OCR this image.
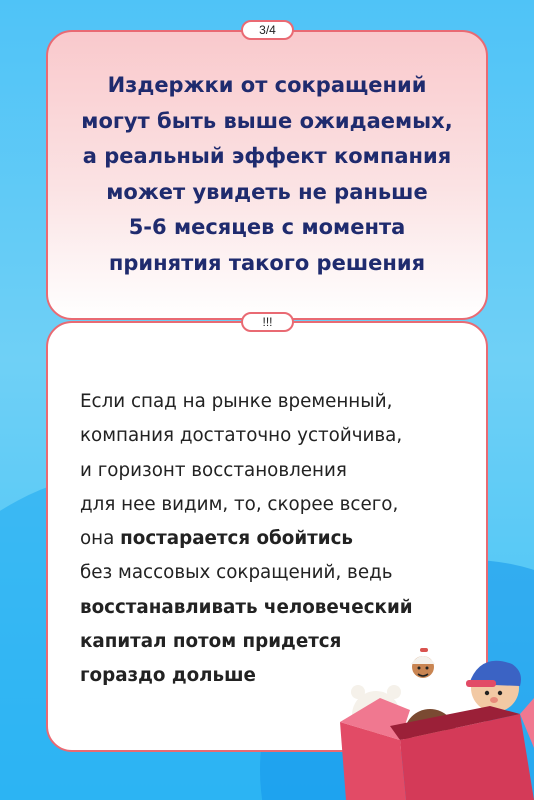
3/4
Издержки от сокращений
могут быть выше ожидаемых,
а реальный эффект компания
может увидеть не раньше
5-6 месяцев с момента
принятия такого решения
!!!
Если спад на рынке временный,
компания достаточно устойчива,
и горизонт восстановления
для нее видим, то, скорее всего,
она постарается обойтись
без массовых сокращений, ведь
восстанавливать человеческий
капитал потом придется
гораздо дольше
